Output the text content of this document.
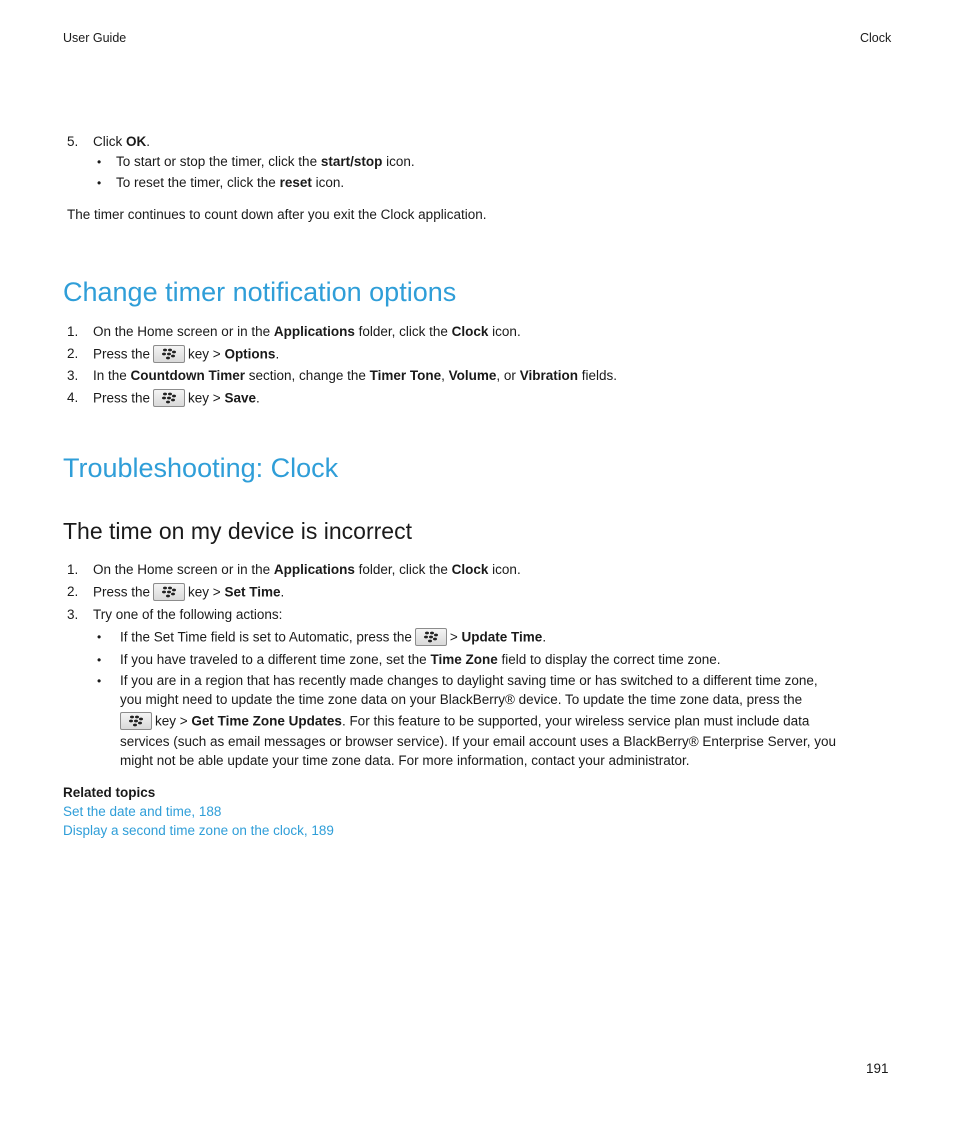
User Guide	Clock
5. Click OK.
• To start or stop the timer, click the start/stop icon.
• To reset the timer, click the reset icon.
The timer continues to count down after you exit the Clock application.
Change timer notification options
1. On the Home screen or in the Applications folder, click the Clock icon.
2. Press the	key > Options.
3. In the Countdown Timer section, change the Timer Tone, Volume, or Vibration fields.
4. Press the	key > Save.
Troubleshooting: Clock
The time on my device is incorrect
1. On the Home screen or in the Applications folder, click the Clock icon.
2. Press the	key > Set Time.
3. Try one of the following actions:
• If the Set Time field is set to Automatic, press the	> Update Time.
• If you have traveled to a different time zone, set the Time Zone field to display the correct time zone.
• If you are in a region that has recently made changes to daylight saving time or has switched to a different time zone,
you might need to update the time zone data on your BlackBerry® device. To update the time zone data, press the
key > Get Time Zone Updates. For this feature to be supported, your wireless service plan must include data
services (such as email messages or browser service). If your email account uses a BlackBerry® Enterprise Server, you
might not be able update your time zone data. For more information, contact your administrator.
Related topics
Set the date and time, 188
Display a second time zone on the clock, 189
191
